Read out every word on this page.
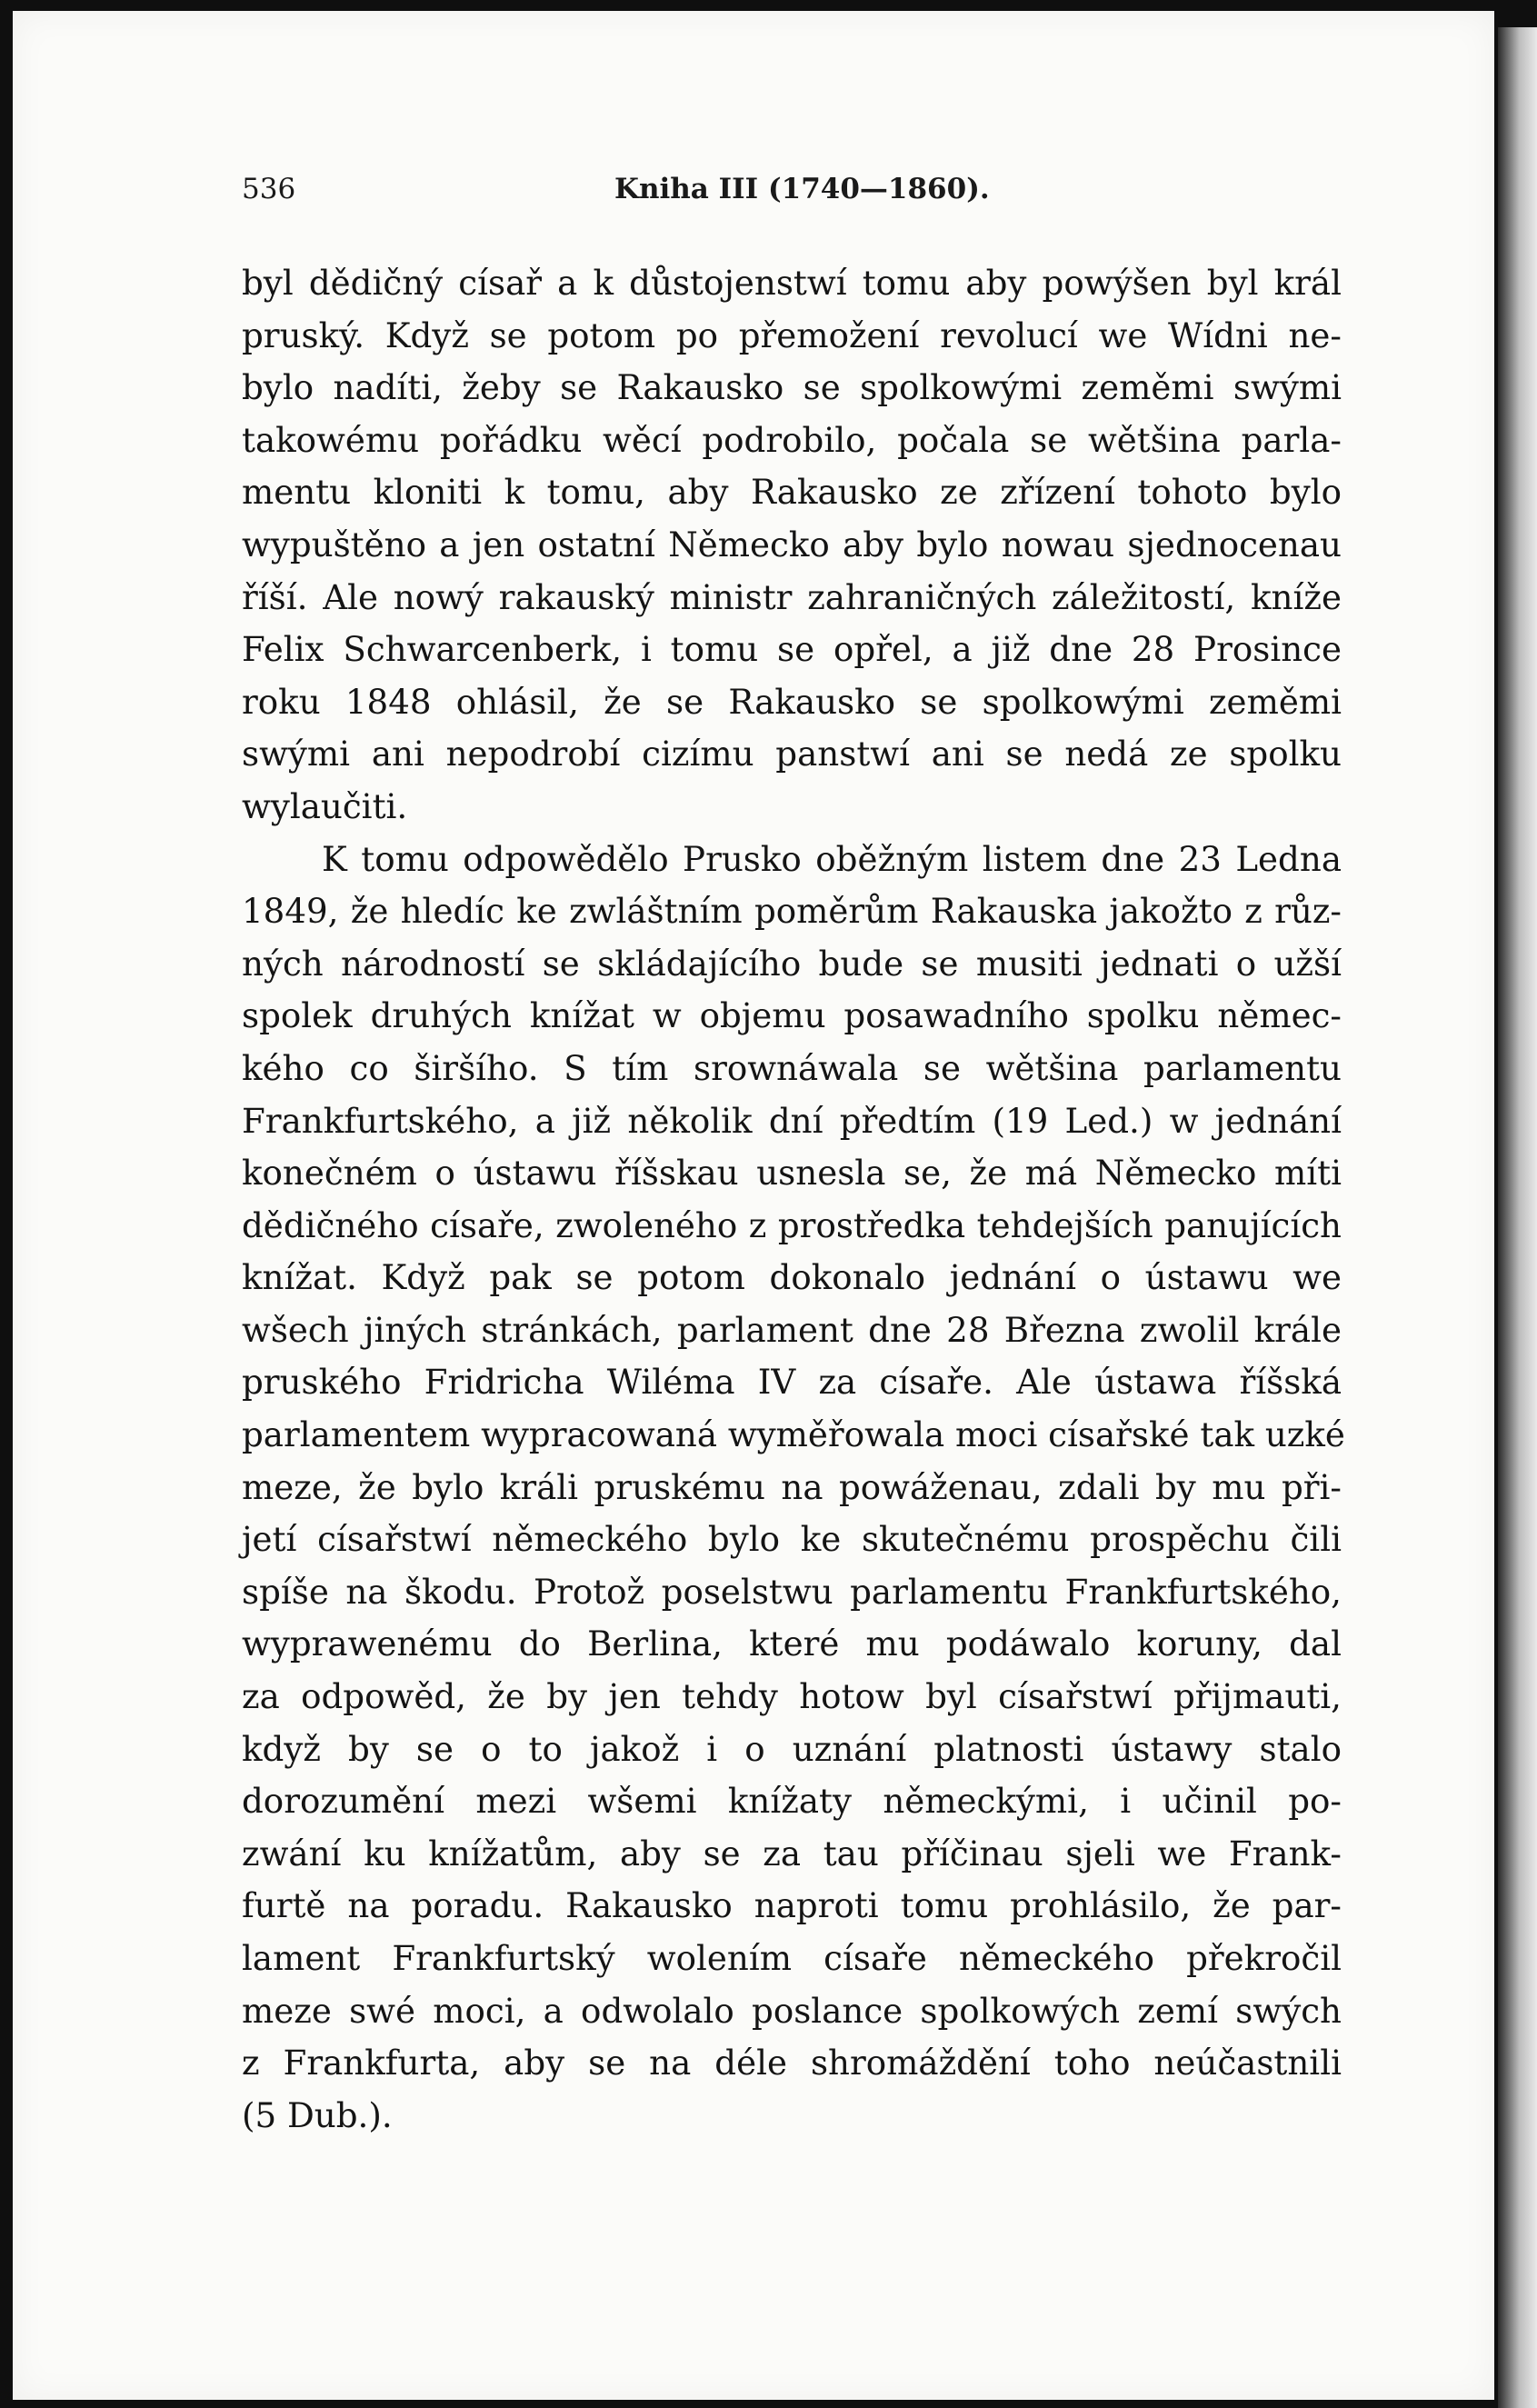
536	Kniha III (1740—1860).
byl dědičný císař a k důstojenstwí tomu aby powýšen byl král
pruský. Když se potom po přemožení revolucí we Wídni ne-
bylo nadíti, žeby se Rakausko se spolkowými zeměmi swými
takowému pořádku wěcí podrobilo, počala se wětšina parla-
mentu kloniti k tomu, aby Rakausko ze zřízení tohoto bylo
wypuštěno a jen ostatní Německo aby bylo nowau sjednocenau
říší. Ale nowý rakauský ministr zahraničných záležitostí, kníže
Felix Schwarcenberk, i tomu se opřel, a již dne 28 Prosince
roku 1848 ohlásil, že se Rakausko se spolkowými zeměmi
swými ani nepodrobí cizímu panstwí ani se nedá ze spolku
wylaučiti.
K tomu odpowědělo Prusko oběžným listem dne 23 Ledna
1849, že hledíc ke zwláštním poměrům Rakauska jakožto z růz-
ných národností se skládajícího bude se musiti jednati o užší
spolek druhých knížat w objemu posawadního spolku němec-
kého co širšího. S tím srownáwala se wětšina parlamentu
Frankfurtského, a již několik dní předtím (19 Led.) w jednání
konečném o ústawu říšskau usnesla se, že má Německo míti
dědičného císaře, zwoleného z prostředka tehdejších panujících
knížat. Když pak se potom dokonalo jednání o ústawu we
wšech jiných stránkách, parlament dne 28 Března zwolil krále
pruského Fridricha Wiléma IV za císaře. Ale ústawa říšská
parlamentem wypracowaná wyměřowala moci císařské tak uzké
meze, že bylo králi pruskému na powáženau, zdali by mu při-
jetí císařstwí německého bylo ke skutečnému prospěchu čili
spíše na škodu. Protož poselstwu parlamentu Frankfurtského,
wyprawenému do Berlina, které mu podáwalo koruny, dal
za odpowěd, že by jen tehdy hotow byl císařstwí přijmauti,
když by se o to jakož i o uznání platnosti ústawy stalo
dorozumění mezi wšemi knížaty německými, i učinil po-
zwání ku knížatům, aby se za tau příčinau sjeli we Frank-
furtě na poradu. Rakausko naproti tomu prohlásilo, že par-
lament Frankfurtský wolením císaře německého překročil
meze swé moci, a odwolalo poslance spolkowých zemí swých
z Frankfurta, aby se na déle shromáždění toho neúčastnili
(5 Dub.).
